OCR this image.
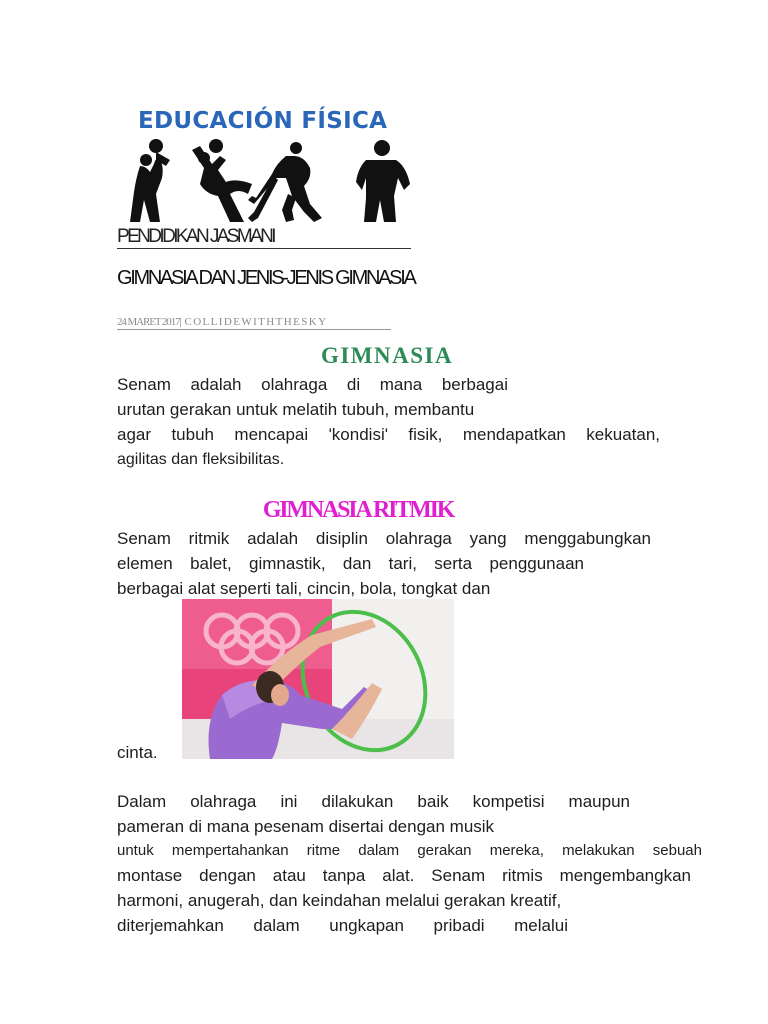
EDUCACIÓN FÍSICA
PENDIDIKAN JASMANI
GIMNASIA DAN JENIS-JENIS GIMNASIA
24 MARET 2017| COLLIDEWITHTHESKY
GIMNASIA
Senam adalah olahraga di mana berbagai
urutan gerakan untuk melatih tubuh, membantu
agar tubuh mencapai 'kondisi' fisik, mendapatkan kekuatan,
agilitas dan fleksibilitas.
GIMNASIA RITMIK
Senam ritmik adalah disiplin olahraga yang menggabungkan
elemen balet, gimnastik, dan tari, serta penggunaan
berbagai alat seperti tali, cincin, bola, tongkat dan
cinta.
Dalam olahraga ini dilakukan baik kompetisi maupun
pameran di mana pesenam disertai dengan musik
untuk mempertahankan ritme dalam gerakan mereka, melakukan sebuah
montase dengan atau tanpa alat. Senam ritmis mengembangkan
harmoni, anugerah, dan keindahan melalui gerakan kreatif,
diterjemahkan dalam ungkapan pribadi melalui
